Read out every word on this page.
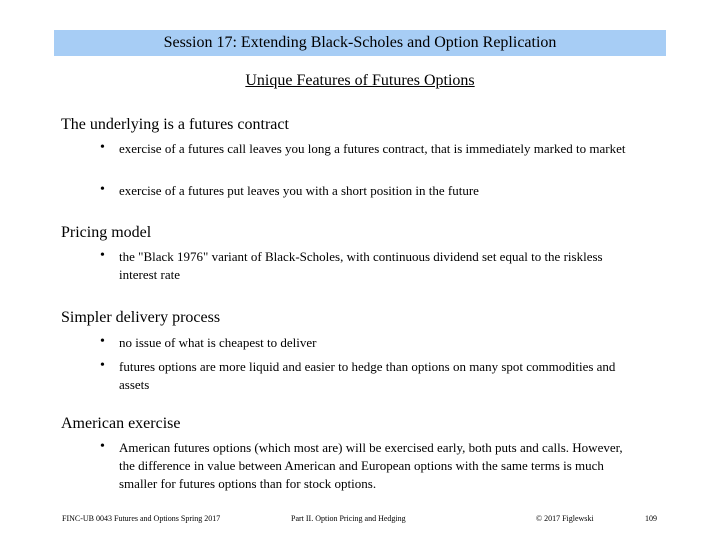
Session 17: Extending Black-Scholes and Option Replication
Unique Features of Futures Options
The underlying is a futures contract
• exercise of a futures call leaves you long a futures contract, that is immediately marked to market
• exercise of a futures put leaves you with a short position in the future
Pricing model
• the "Black 1976" variant of Black-Scholes, with continuous dividend set equal to the riskless interest rate
Simpler delivery process
• no issue of what is cheapest to deliver
• futures options are more liquid and easier to hedge than options on many spot commodities and assets
American exercise
• American futures options (which most are) will be exercised early, both puts and calls. However, the difference in value between American and European options with the same terms is much smaller for futures options than for stock options.
FINC-UB 0043 Futures and Options Spring 2017	Part II. Option Pricing and Hedging	© 2017 Figlewski	109
